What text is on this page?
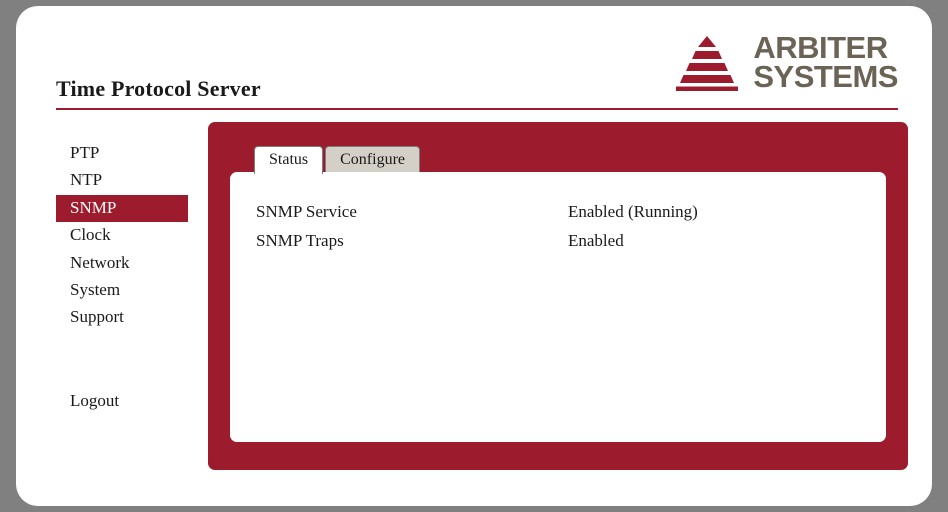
Time Protocol Server
ARBITER
SYSTEMS
PTP
NTP
SNMP
Clock
Network
System
Support
Logout
Status	Configure
SNMP Service	Enabled (Running)
SNMP Traps	Enabled
